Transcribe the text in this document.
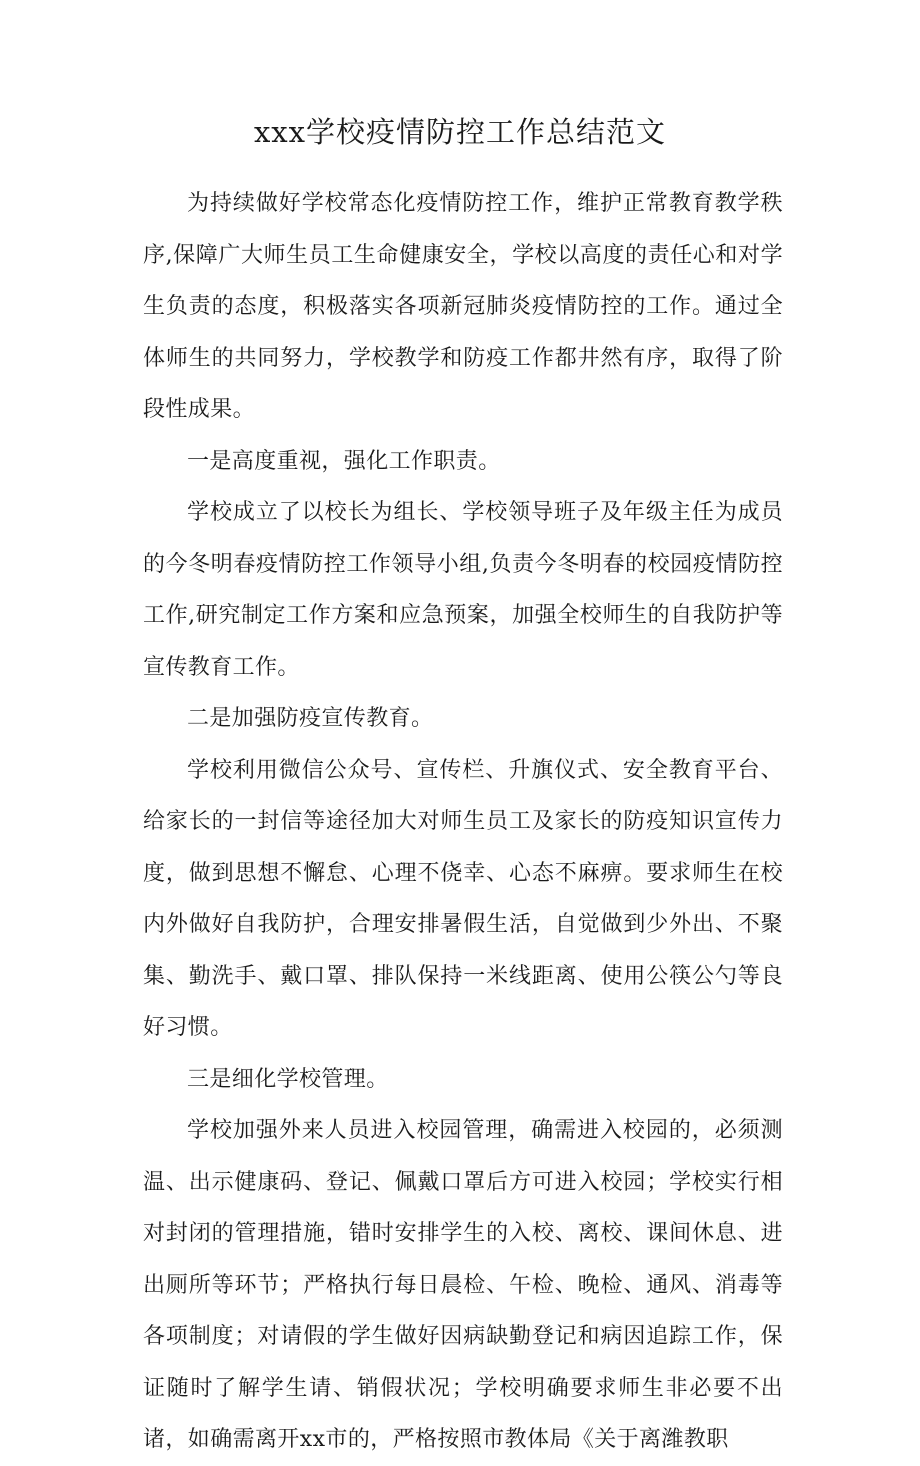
xxx学校疫情防控工作总结范文

为持续做好学校常态化疫情防控工作，维护正常教育教学秩序,保障广大师生员工生命健康安全，学校以高度的责任心和对学生负责的态度，积极落实各项新冠肺炎疫情防控的工作。通过全体师生的共同努力，学校教学和防疫工作都井然有序，取得了阶段性成果。

一是高度重视，强化工作职责。

学校成立了以校长为组长、学校领导班子及年级主任为成员的今冬明春疫情防控工作领导小组,负责今冬明春的校园疫情防控工作,研究制定工作方案和应急预案，加强全校师生的自我防护等宣传教育工作。

二是加强防疫宣传教育。

学校利用微信公众号、宣传栏、升旗仪式、安全教育平台、给家长的一封信等途径加大对师生员工及家长的防疫知识宣传力度，做到思想不懈怠、心理不侥幸、心态不麻痹。要求师生在校内外做好自我防护，合理安排暑假生活，自觉做到少外出、不聚集、勤洗手、戴口罩、排队保持一米线距离、使用公筷公勺等良好习惯。

三是细化学校管理。

学校加强外来人员进入校园管理，确需进入校园的，必须测温、出示健康码、登记、佩戴口罩后方可进入校园；学校实行相对封闭的管理措施，错时安排学生的入校、离校、课间休息、进出厕所等环节；严格执行每日晨检、午检、晚检、通风、消毒等各项制度；对请假的学生做好因病缺勤登记和病因追踪工作，保证随时了解学生请、销假状况；学校明确要求师生非必要不出诸，如确需离开xx市的，严格按照市教体局《关于离潍教职
